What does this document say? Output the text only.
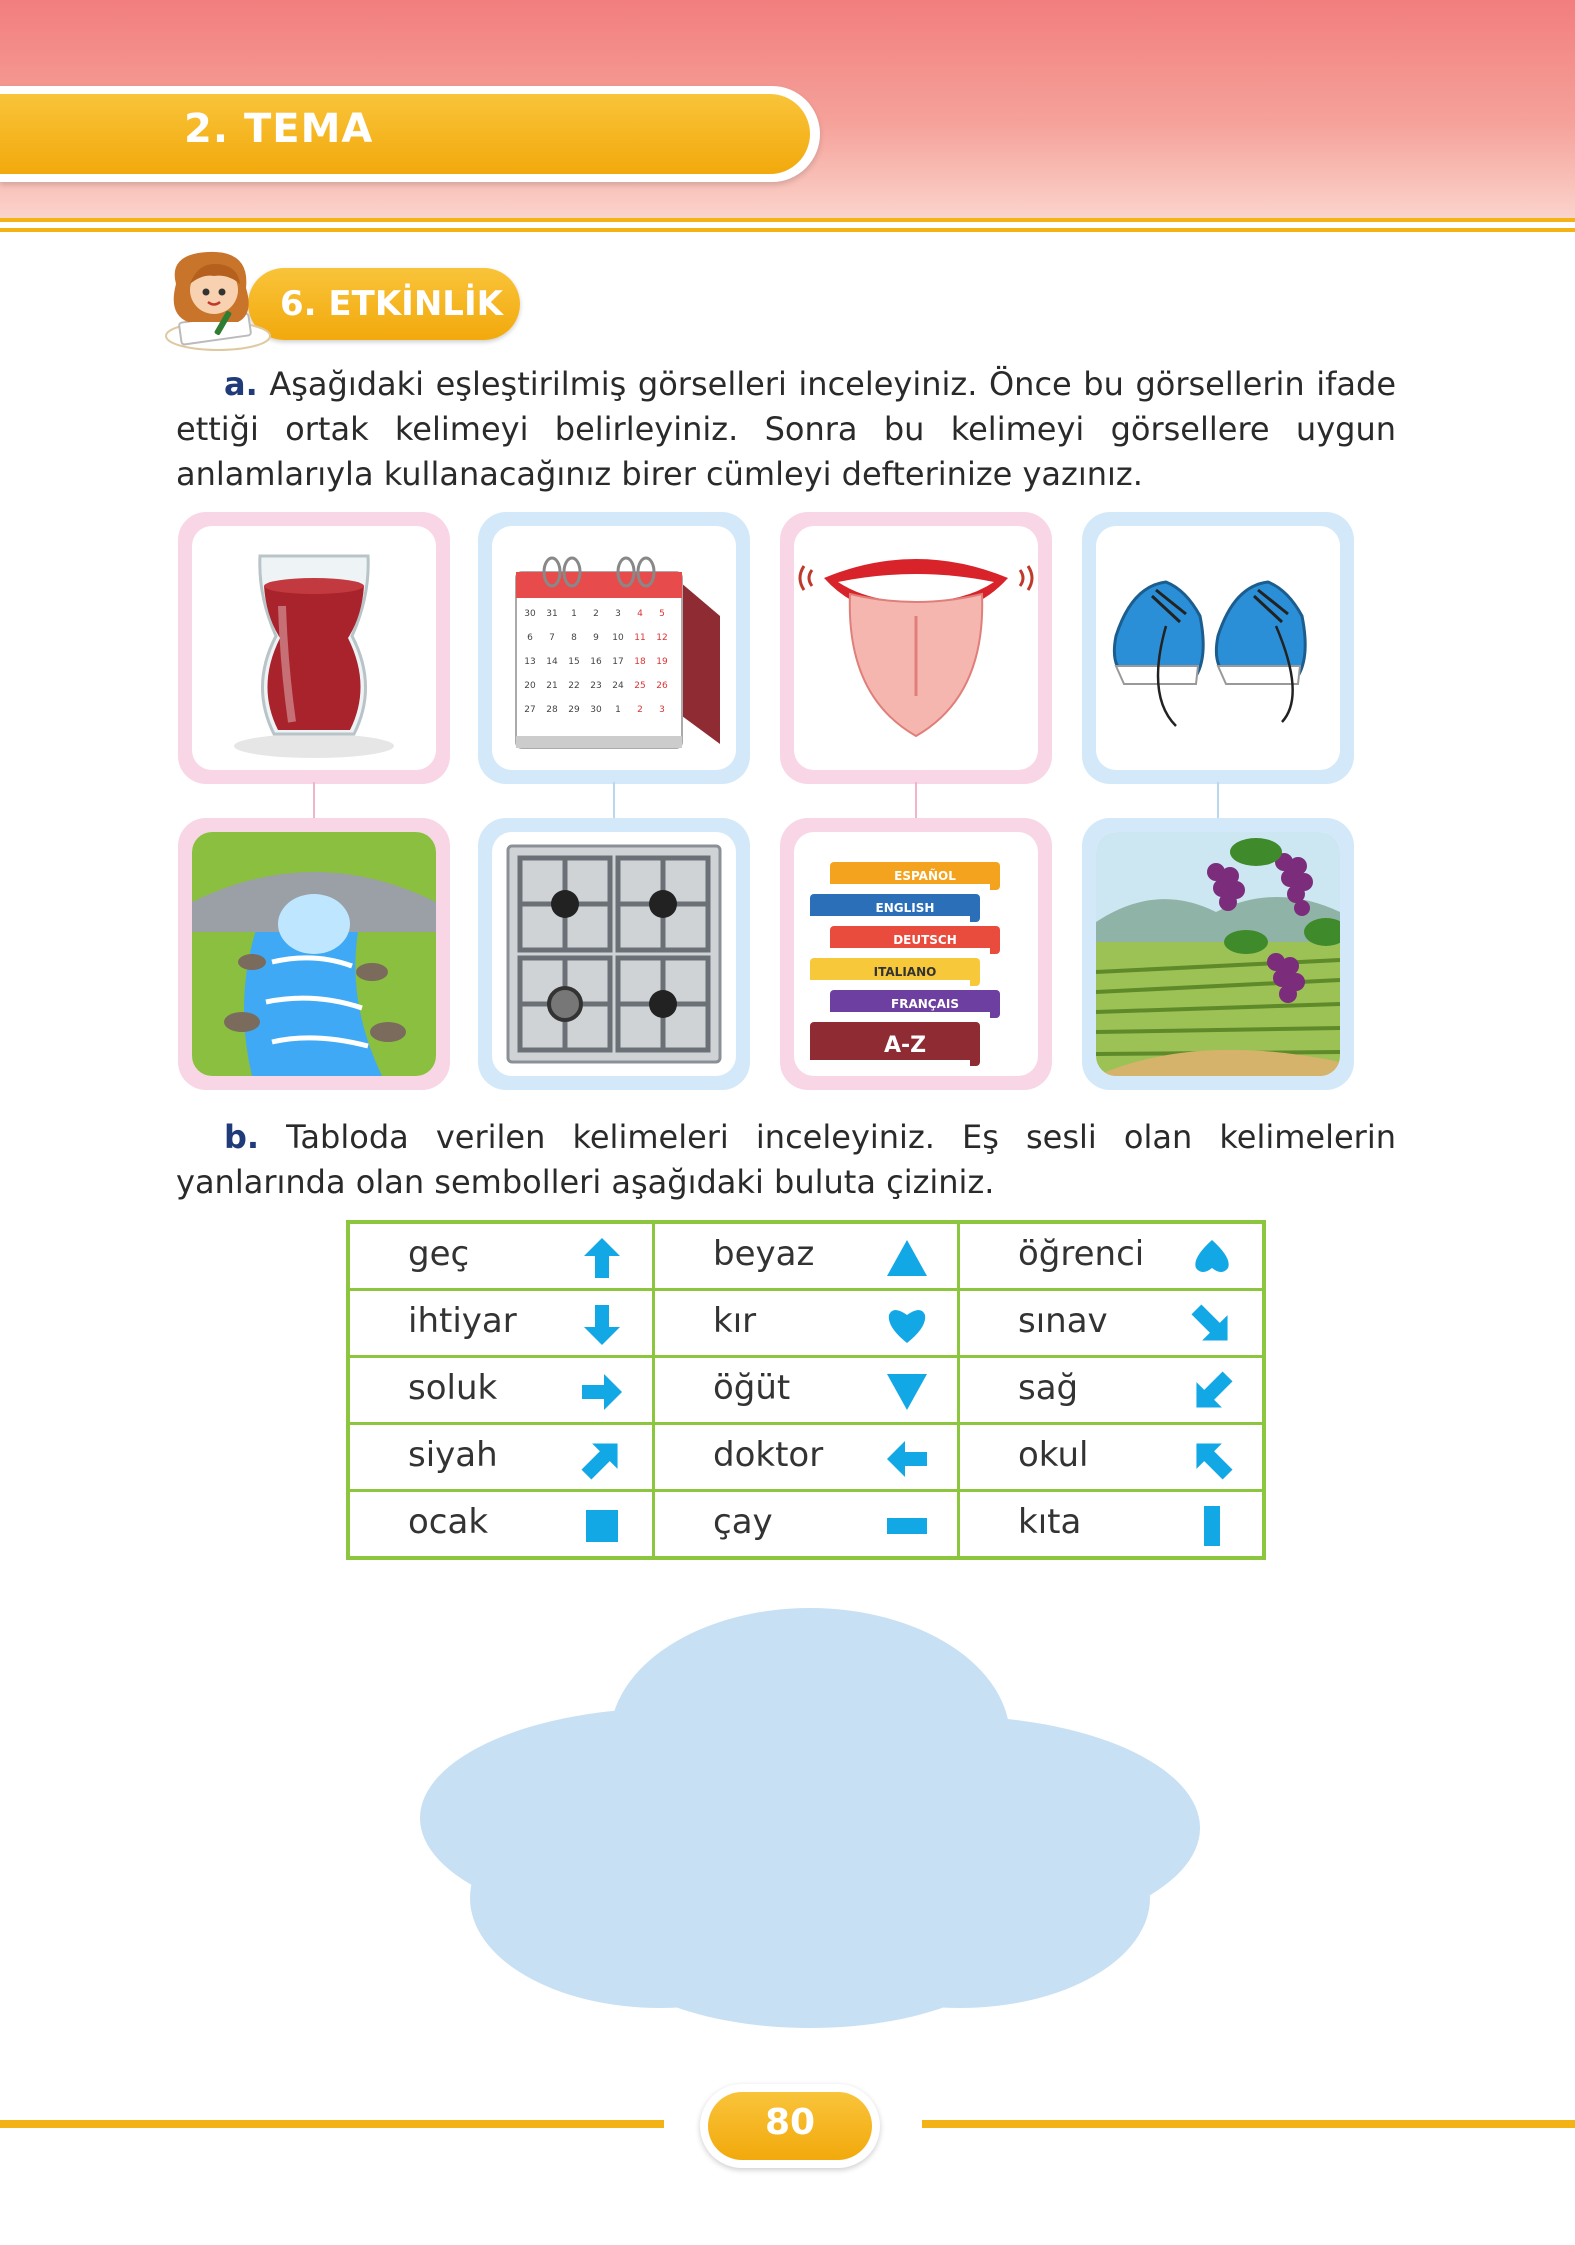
2. TEMA
6. ETKİNLİK

a. Aşağıdaki eşleştirilmiş görselleri inceleyiniz. Önce bu görsellerin ifade ettiği ortak kelimeyi belirleyiniz. Sonra bu kelimeyi görsellere uygun anlamlarıyla kullanacağınız birer cümleyi defterinize yazınız.

30 31 1 2 3 4 5
6 7 8 9 10 11 12
13 14 15 16 17 18 19
20 21 22 23 24 25 26
27 28 29 30 1 2 3
ESPAÑOL
ENGLISH
DEUTSCH
ITALIANO
FRANÇAIS
A-Z

b. Tabloda verilen kelimeleri inceleyiniz. Eş sesli olan kelimelerin yanlarında olan sembolleri aşağıdaki buluta çiziniz.

geç	beyaz	öğrenci

ihtiyar	kır	sınav

soluk	öğüt	sağ

siyah	doktor	okul

ocak	çay	kıta
80
